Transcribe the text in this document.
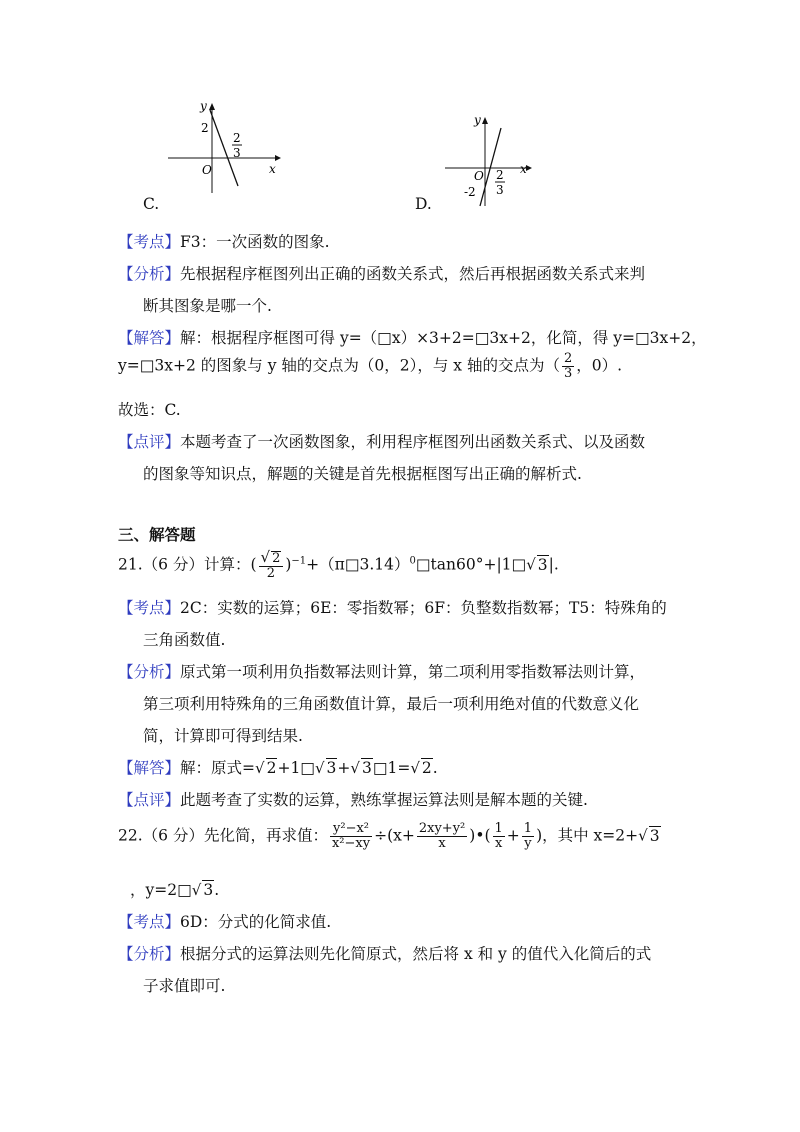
y
x
O
2
2
3
C.
y
x
O
-2
2
3
D.
【考点】F3：一次函数的图象.
【分析】先根据程序框图列出正确的函数关系式，然后再根据函数关系式来判
断其图象是哪一个.
【解答】解：根据程序框图可得 y=（□x）×3+2=□3x+2，化简，得 y=□3x+2，
y=□3x+2 的图象与 y 轴的交点为（0，2），与 x 轴的交点为（ $\frac{2}{3}$ ，0）.
故选：C.
【点评】本题考查了一次函数图象，利用程序框图列出函数关系式、以及函数
的图象等知识点，解题的关键是首先根据框图写出正确的解析式.
三、解答题
21.（6 分）计算：( $\frac{√ 2}{2}$ )$^{-1}$+（π□3.14）$^0$□tan60°+|1□√ 3|.
【考点】2C：实数的运算；6E：零指数幂；6F：负整数指数幂；T5：特殊角的
三角函数值.
【分析】原式第一项利用负指数幂法则计算，第二项利用零指数幂法则计算，
第三项利用特殊角的三角函数值计算，最后一项利用绝对值的代数意义化
简，计算即可得到结果.
【解答】解：原式=√ 2+1□√ 3+√ 3□1=√ 2.
【点评】此题考查了实数的运算，熟练掌握运算法则是解本题的关键.
22.（6 分）先化简，再求值： $\frac{\text{y²−x²}}{\text{x²−xy}} \div(x+ \frac{\text{2xy+y²}}{x}$ )•( $\frac{1}{x} + \frac{1}{y}$ )，其中 x=2+√ 3
，y=2□√ 3.
【考点】6D：分式的化简求值.
【分析】根据分式的运算法则先化简原式，然后将 x 和 y 的值代入化简后的式
子求值即可.
